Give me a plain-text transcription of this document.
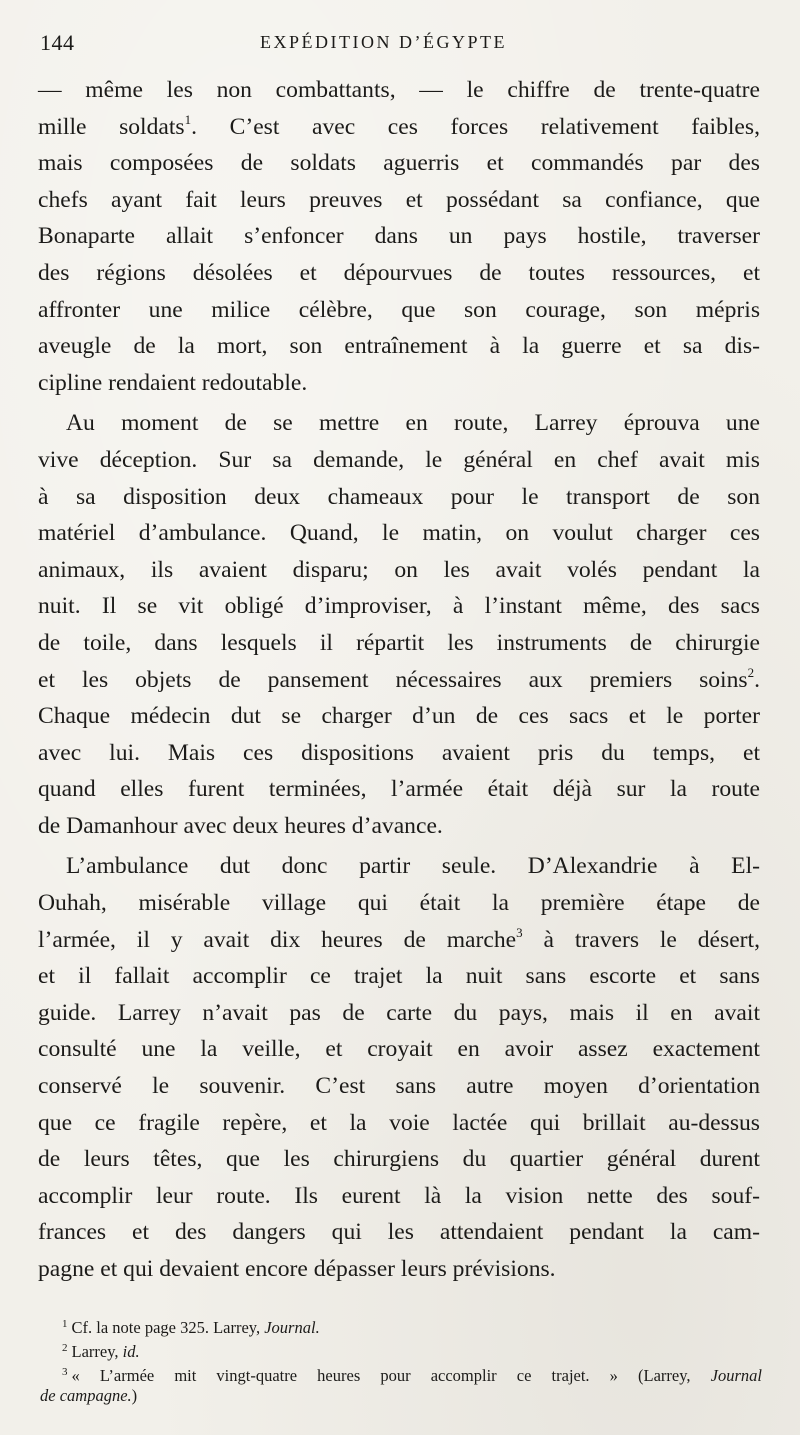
144	EXPÉDITION D’ÉGYPTE
— même les non combattants, — le chiffre de trente-quatre
mille soldats$^1$. C’est avec ces forces relativement faibles,
mais composées de soldats aguerris et commandés par des
chefs ayant fait leurs preuves et possédant sa confiance, que
Bonaparte allait s’enfoncer dans un pays hostile, traverser
des régions désolées et dépourvues de toutes ressources, et
affronter une milice célèbre, que son courage, son mépris
aveugle de la mort, son entraînement à la guerre et sa dis-
cipline rendaient redoutable.
Au moment de se mettre en route, Larrey éprouva une
vive déception. Sur sa demande, le général en chef avait mis
à sa disposition deux chameaux pour le transport de son
matériel d’ambulance. Quand, le matin, on voulut charger ces
animaux, ils avaient disparu; on les avait volés pendant la
nuit. Il se vit obligé d’improviser, à l’instant même, des sacs
de toile, dans lesquels il répartit les instruments de chirurgie
et les objets de pansement nécessaires aux premiers soins$^2$.
Chaque médecin dut se charger d’un de ces sacs et le porter
avec lui. Mais ces dispositions avaient pris du temps, et
quand elles furent terminées, l’armée était déjà sur la route
de Damanhour avec deux heures d’avance.
L’ambulance dut donc partir seule. D’Alexandrie à El-
Ouhah, misérable village qui était la première étape de
l’armée, il y avait dix heures de marche$^3$ à travers le désert,
et il fallait accomplir ce trajet la nuit sans escorte et sans
guide. Larrey n’avait pas de carte du pays, mais il en avait
consulté une la veille, et croyait en avoir assez exactement
conservé le souvenir. C’est sans autre moyen d’orientation
que ce fragile repère, et la voie lactée qui brillait au-dessus
de leurs têtes, que les chirurgiens du quartier général durent
accomplir leur route. Ils eurent là la vision nette des souf-
frances et des dangers qui les attendaient pendant la cam-
pagne et qui devaient encore dépasser leurs prévisions.
$^1$ Cf. la note page 325. Larrey, Journal.
$^2$ Larrey, id.
$^3$ « L’armée mit vingt-quatre heures pour accomplir ce trajet. » (Larrey, Journal
de campagne.)
